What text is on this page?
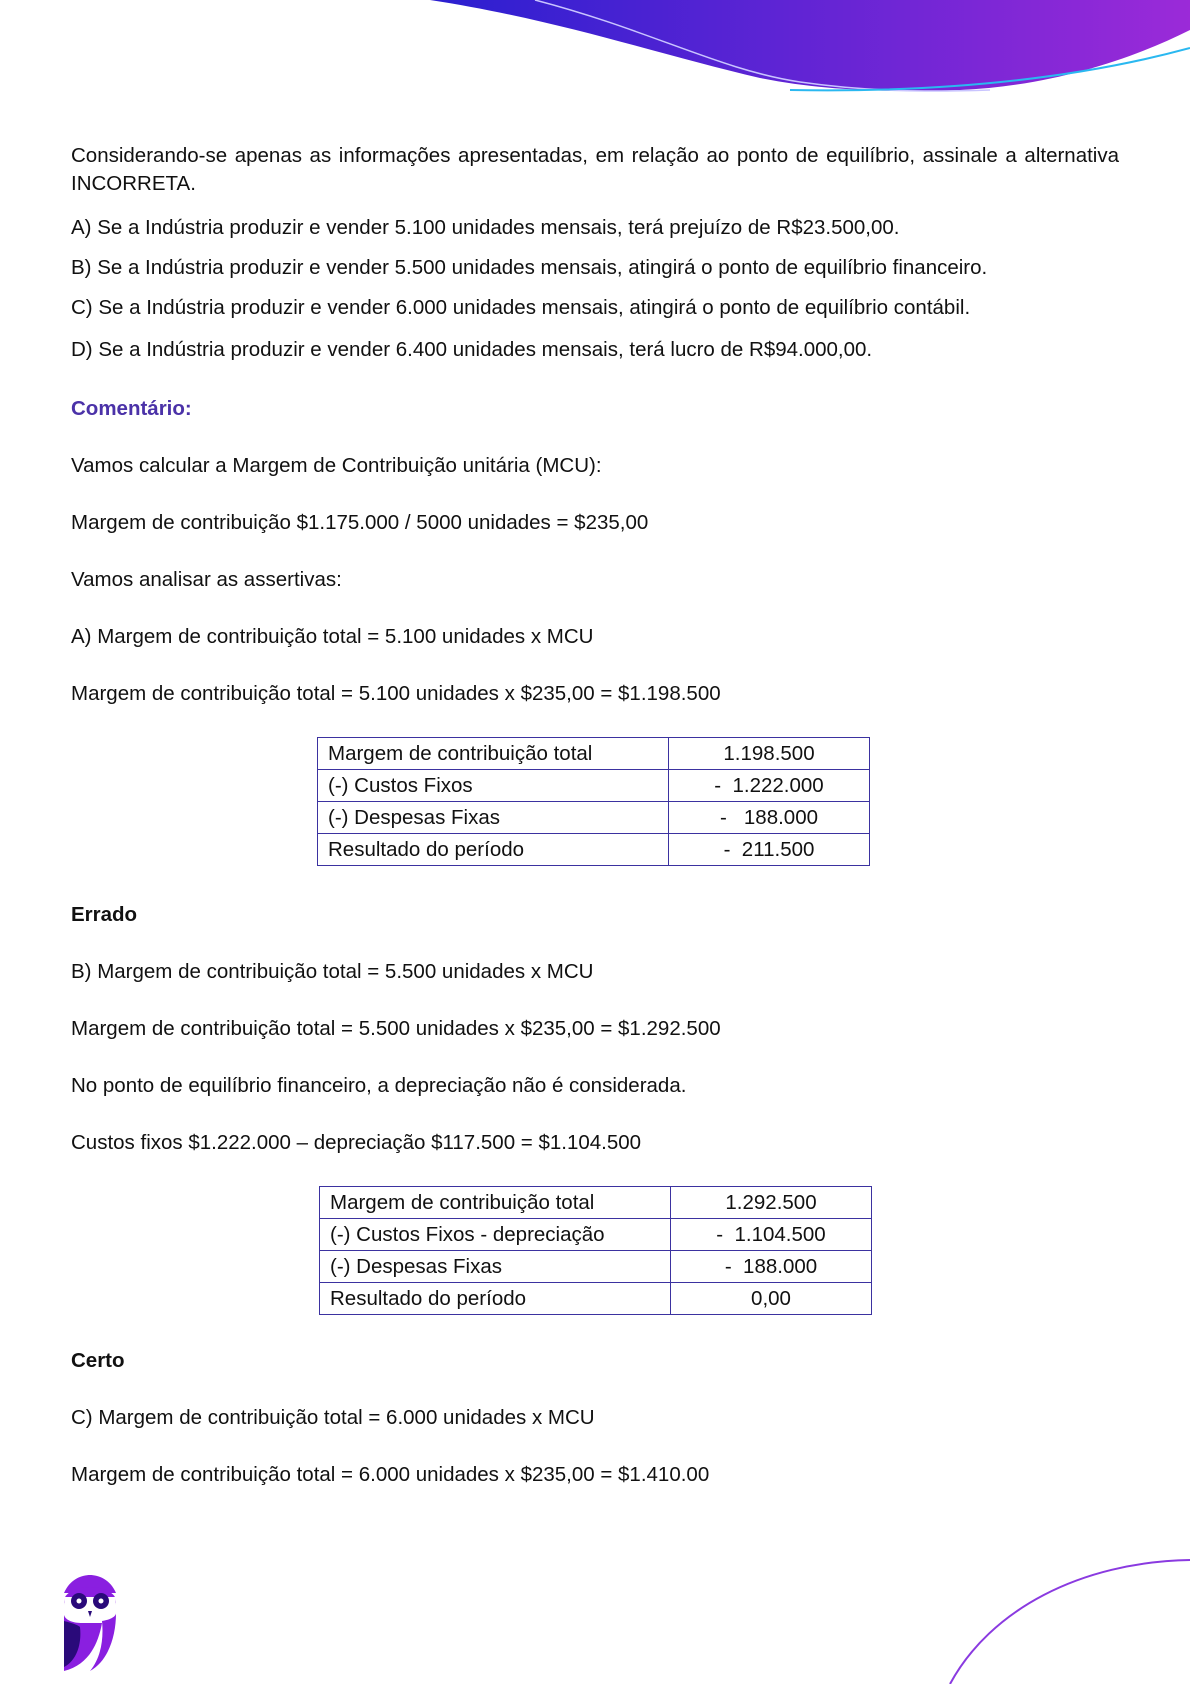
Considerando-se apenas as informações apresentadas, em relação ao ponto de equilíbrio, assinale a alternativa INCORRETA.

A) Se a Indústria produzir e vender 5.100 unidades mensais, terá prejuízo de R$23.500,00.

B) Se a Indústria produzir e vender 5.500 unidades mensais, atingirá o ponto de equilíbrio financeiro.

C) Se a Indústria produzir e vender 6.000 unidades mensais, atingirá o ponto de equilíbrio contábil.

D) Se a Indústria produzir e vender 6.400 unidades mensais, terá lucro de R$94.000,00.

Comentário:

Vamos calcular a Margem de Contribuição unitária (MCU):

Margem de contribuição $1.175.000 / 5000 unidades = $235,00

Vamos analisar as assertivas:

A) Margem de contribuição total = 5.100 unidades x MCU

Margem de contribuição total = 5.100 unidades x $235,00 = $1.198.500

Margem de contribuição total	1.198.500
(-) Custos Fixos	-  1.222.000
(-) Despesas Fixas	-   188.000
Resultado do período	-  211.500

Errado

B) Margem de contribuição total = 5.500 unidades x MCU

Margem de contribuição total = 5.500 unidades x $235,00 = $1.292.500

No ponto de equilíbrio financeiro, a depreciação não é considerada.

Custos fixos $1.222.000 – depreciação $117.500 = $1.104.500

Margem de contribuição total	1.292.500
(-) Custos Fixos - depreciação	-  1.104.500
(-) Despesas Fixas	-  188.000
Resultado do período	0,00

Certo

C) Margem de contribuição total = 6.000 unidades x MCU

Margem de contribuição total = 6.000 unidades x $235,00 = $1.410.00
